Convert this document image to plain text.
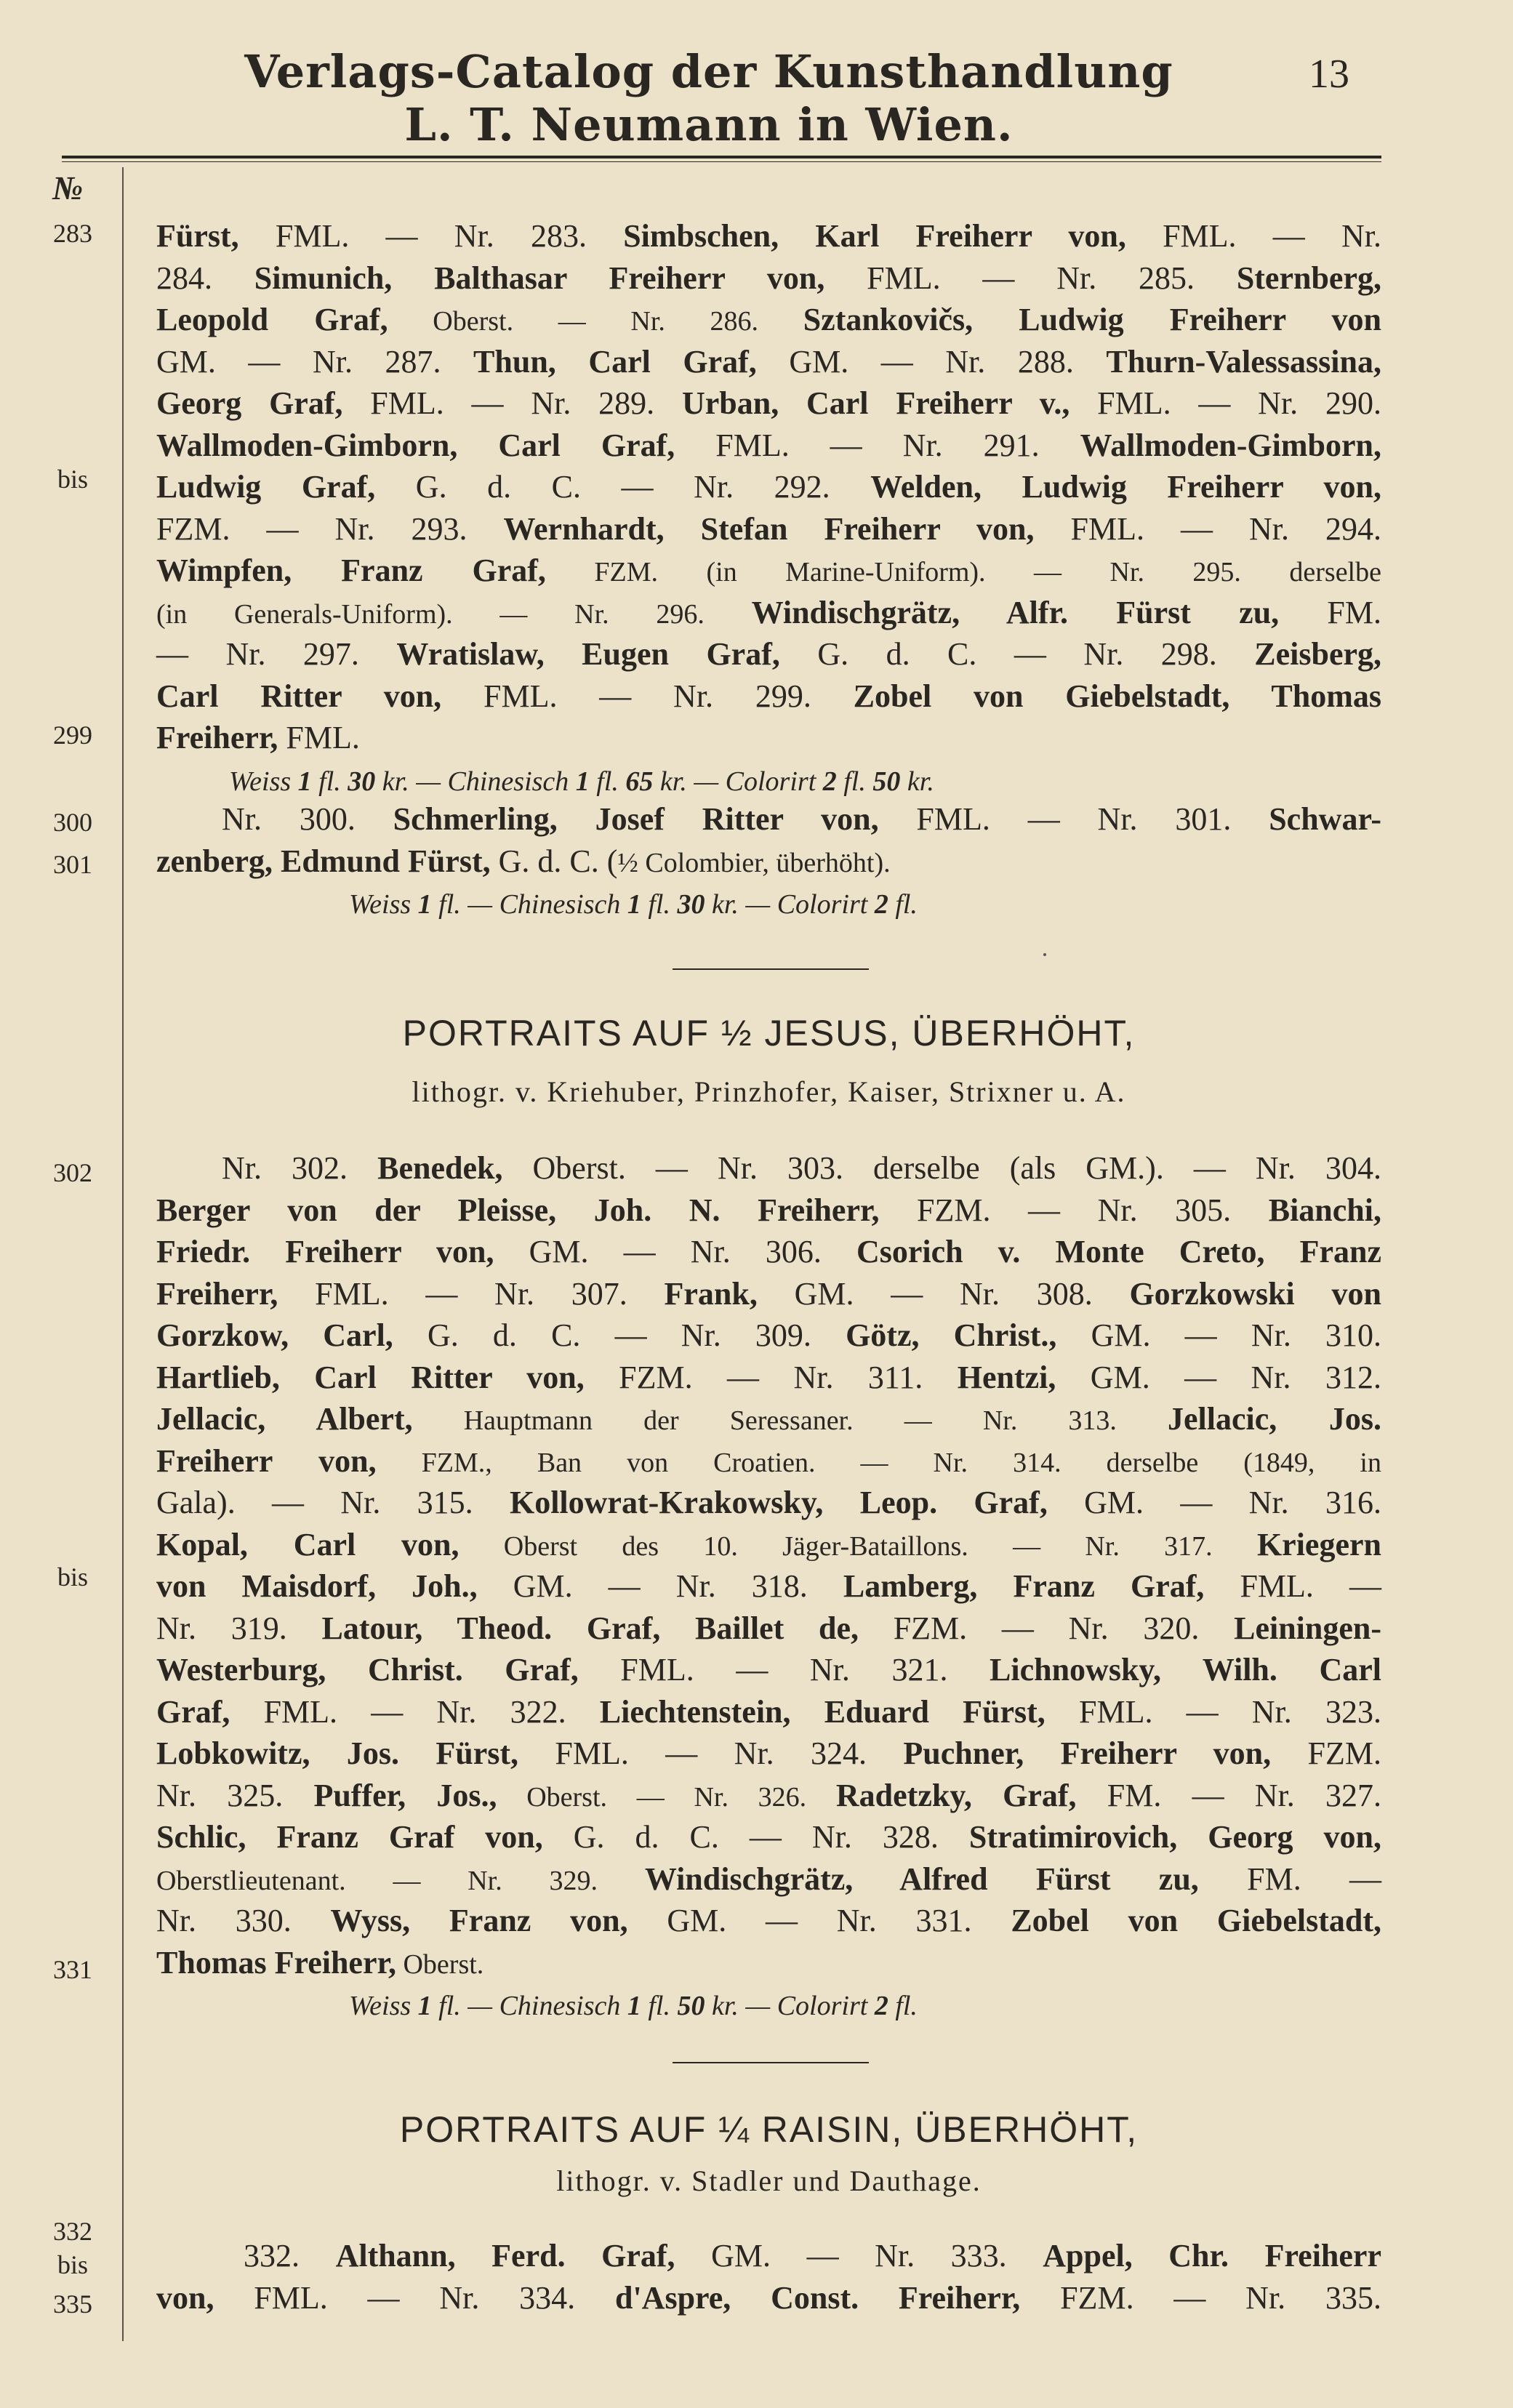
Verlags-Catalog der Kunsthandlung L. T. Neumann in Wien.
13
№
283
bis
299
300
301
302
bis
331
332
bis
335
Fürst, FML. — Nr. 283. Simbschen, Karl Freiherr von, FML. — Nr.
284. Simunich, Balthasar Freiherr von, FML. — Nr. 285. Sternberg,
Leopold Graf, Oberst. — Nr. 286. Sztankovičs, Ludwig Freiherr von
GM. — Nr. 287. Thun, Carl Graf, GM. — Nr. 288. Thurn-Valessassina,
Georg Graf, FML. — Nr. 289. Urban, Carl Freiherr v., FML. — Nr. 290.
Wallmoden-Gimborn, Carl Graf, FML. — Nr. 291. Wallmoden-Gimborn,
Ludwig Graf, G. d. C. — Nr. 292. Welden, Ludwig Freiherr von,
FZM. — Nr. 293. Wernhardt, Stefan Freiherr von, FML. — Nr. 294.
Wimpfen, Franz Graf, FZM. (in Marine-Uniform). — Nr. 295. derselbe
(in Generals-Uniform). — Nr. 296. Windischgrätz, Alfr. Fürst zu, FM.
— Nr. 297. Wratislaw, Eugen Graf, G. d. C. — Nr. 298. Zeisberg,
Carl Ritter von, FML. — Nr. 299. Zobel von Giebelstadt, Thomas
Freiherr, FML.
Weiss 1 fl. 30 kr. — Chinesisch 1 fl. 65 kr. — Colorirt 2 fl. 50 kr.
Nr. 300. Schmerling, Josef Ritter von, FML. — Nr. 301. Schwar-
zenberg, Edmund Fürst, G. d. C. (½ Colombier, überhöht).
Weiss 1 fl. — Chinesisch 1 fl. 30 kr. — Colorirt 2 fl.
PORTRAITS AUF ½ JESUS, ÜBERHÖHT,
lithogr. v. Kriehuber, Prinzhofer, Kaiser, Strixner u. A.
Nr. 302. Benedek, Oberst. — Nr. 303. derselbe (als GM.). — Nr. 304.
Berger von der Pleisse, Joh. N. Freiherr, FZM. — Nr. 305. Bianchi,
Friedr. Freiherr von, GM. — Nr. 306. Csorich v. Monte Creto, Franz
Freiherr, FML. — Nr. 307. Frank, GM. — Nr. 308. Gorzkowski von
Gorzkow, Carl, G. d. C. — Nr. 309. Götz, Christ., GM. — Nr. 310.
Hartlieb, Carl Ritter von, FZM. — Nr. 311. Hentzi, GM. — Nr. 312.
Jellacic, Albert, Hauptmann der Seressaner. — Nr. 313. Jellacic, Jos.
Freiherr von, FZM., Ban von Croatien. — Nr. 314. derselbe (1849, in
Gala). — Nr. 315. Kollowrat-Krakowsky, Leop. Graf, GM. — Nr. 316.
Kopal, Carl von, Oberst des 10. Jäger-Bataillons. — Nr. 317. Kriegern
von Maisdorf, Joh., GM. — Nr. 318. Lamberg, Franz Graf, FML. —
Nr. 319. Latour, Theod. Graf, Baillet de, FZM. — Nr. 320. Leiningen-
Westerburg, Christ. Graf, FML. — Nr. 321. Lichnowsky, Wilh. Carl
Graf, FML. — Nr. 322. Liechtenstein, Eduard Fürst, FML. — Nr. 323.
Lobkowitz, Jos. Fürst, FML. — Nr. 324. Puchner, Freiherr von, FZM.
Nr. 325. Puffer, Jos., Oberst. — Nr. 326. Radetzky, Graf, FM. — Nr. 327.
Schlic, Franz Graf von, G. d. C. — Nr. 328. Stratimirovich, Georg von,
Oberstlieutenant. — Nr. 329. Windischgrätz, Alfred Fürst zu, FM. —
Nr. 330. Wyss, Franz von, GM. — Nr. 331. Zobel von Giebelstadt,
Thomas Freiherr, Oberst.
Weiss 1 fl. — Chinesisch 1 fl. 50 kr. — Colorirt 2 fl.
PORTRAITS AUF ¼ RAISIN, ÜBERHÖHT,
lithogr. v. Stadler und Dauthage.
332. Althann, Ferd. Graf, GM. — Nr. 333. Appel, Chr. Freiherr
von, FML. — Nr. 334. d'Aspre, Const. Freiherr, FZM. — Nr. 335.
